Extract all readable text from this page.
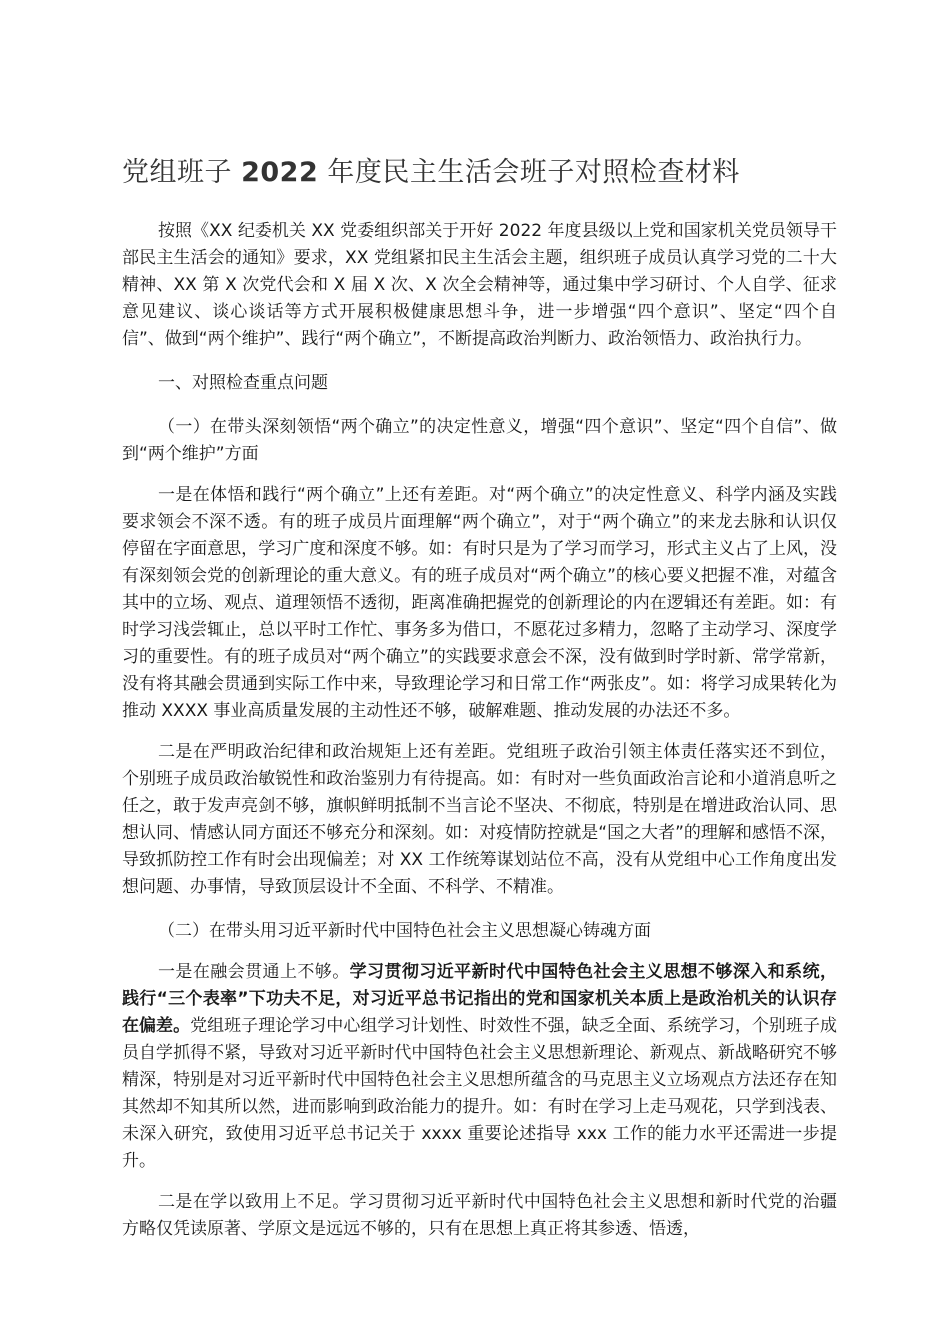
党组班子 2022 年度民主生活会班子对照检查材料

按照《XX 纪委机关 XX 党委组织部关于开好 2022 年度县级以上党和国家机关党员领导干部民主生活会的通知》要求，XX 党组紧扣民主生活会主题，组织班子成员认真学习党的二十大精神、XX 第 X 次党代会和 X 届 X 次、X 次全会精神等，通过集中学习研讨、个人自学、征求意见建议、谈心谈话等方式开展积极健康思想斗争，进一步增强“四个意识”、坚定“四个自信”、做到“两个维护”、践行“两个确立”，不断提高政治判断力、政治领悟力、政治执行力。

一、对照检查重点问题

（一）在带头深刻领悟“两个确立”的决定性意义，增强“四个意识”、坚定“四个自信”、做到“两个维护”方面

一是在体悟和践行“两个确立”上还有差距。对“两个确立”的决定性意义、科学内涵及实践要求领会不深不透。有的班子成员片面理解“两个确立”，对于“两个确立”的来龙去脉和认识仅停留在字面意思，学习广度和深度不够。如：有时只是为了学习而学习，形式主义占了上风，没有深刻领会党的创新理论的重大意义。有的班子成员对“两个确立”的核心要义把握不准，对蕴含其中的立场、观点、道理领悟不透彻，距离准确把握党的创新理论的内在逻辑还有差距。如：有时学习浅尝辄止，总以平时工作忙、事务多为借口，不愿花过多精力，忽略了主动学习、深度学习的重要性。有的班子成员对“两个确立”的实践要求意会不深，没有做到时学时新、常学常新，没有将其融会贯通到实际工作中来，导致理论学习和日常工作“两张皮”。如：将学习成果转化为推动 XXXX 事业高质量发展的主动性还不够，破解难题、推动发展的办法还不多。

二是在严明政治纪律和政治规矩上还有差距。党组班子政治引领主体责任落实还不到位，个别班子成员政治敏锐性和政治鉴别力有待提高。如：有时对一些负面政治言论和小道消息听之任之，敢于发声亮剑不够，旗帜鲜明抵制不当言论不坚决、不彻底，特别是在增进政治认同、思想认同、情感认同方面还不够充分和深刻。如：对疫情防控就是“国之大者”的理解和感悟不深，导致抓防控工作有时会出现偏差；对 XX 工作统筹谋划站位不高，没有从党组中心工作角度出发想问题、办事情，导致顶层设计不全面、不科学、不精准。

（二）在带头用习近平新时代中国特色社会主义思想凝心铸魂方面

一是在融会贯通上不够。学习贯彻习近平新时代中国特色社会主义思想不够深入和系统，践行“三个表率”下功夫不足，对习近平总书记指出的党和国家机关本质上是政治机关的认识存在偏差。党组班子理论学习中心组学习计划性、时效性不强，缺乏全面、系统学习，个别班子成员自学抓得不紧，导致对习近平新时代中国特色社会主义思想新理论、新观点、新战略研究不够精深，特别是对习近平新时代中国特色社会主义思想所蕴含的马克思主义立场观点方法还存在知其然却不知其所以然，进而影响到政治能力的提升。如：有时在学习上走马观花，只学到浅表、未深入研究，致使用习近平总书记关于 xxxx 重要论述指导 xxx 工作的能力水平还需进一步提升。

二是在学以致用上不足。学习贯彻习近平新时代中国特色社会主义思想和新时代党的治疆方略仅凭读原著、学原文是远远不够的，只有在思想上真正将其参透、悟透，
